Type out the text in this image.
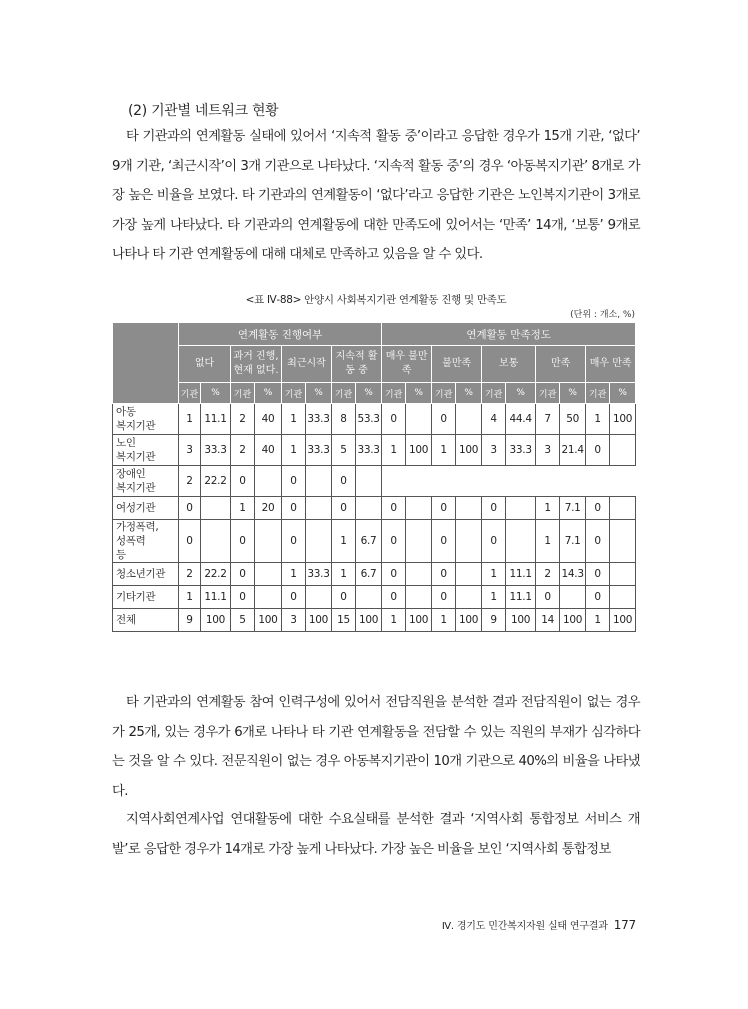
(2) 기관별 네트워크 현황

타 기관과의 연계활동 실태에 있어서 ‘지속적 활동 중’이라고 응답한 경우가 15개 기관, ‘없다’ 9개 기관, ‘최근시작’이 3개 기관으로 나타났다. ‘지속적 활동 중’의 경우 ‘아동복지기관’ 8개로 가장 높은 비율을 보였다. 타 기관과의 연계활동이 ‘없다’라고 응답한 기관은 노인복지기관이 3개로 가장 높게 나타났다. 타 기관과의 연계활동에 대한 만족도에 있어서는 ‘만족’ 14개, ‘보통’ 9개로 나타나 타 기관 연계활동에 대해 대체로 만족하고 있음을 알 수 있다.

<표 Ⅳ-88> 안양시 사회복지기관 연계활동 진행 및 만족도
(단위 : 개소, %)
	연계활동 진행여부								연계활동 만족정도									
	없다		과거 진행, 현재 없다.		최근시작		지속적 활동 중		매우 불만족		불만족		보통		만족		매우 만족	
	기관	%	기관	%	기관	%	기관	%	기관	%	기관	%	기관	%	기관	%	기관	%
아동
복지기관	1	11.1	2	40	1	33.3	8	53.3	0		0		4	44.4	7	50	1	100
노인
복지기관	3	33.3	2	40	1	33.3	5	33.3	1	100	1	100	3	33.3	3	21.4	0	
장애인
복지기관	2	22.2	0		0		0											
여성기관	0		1	20	0		0		0		0		0		1	7.1	0	
가정폭력,
성폭력
등	0		0		0		1	6.7	0		0		0		1	7.1	0	
청소년기관	2	22.2	0		1	33.3	1	6.7	0		0		1	11.1	2	14.3	0	
기타기관	1	11.1	0		0		0		0		0		1	11.1	0		0	
전체	9	100	5	100	3	100	15	100	1	100	1	100	9	100	14	100	1	100

타 기관과의 연계활동 참여 인력구성에 있어서 전담직원을 분석한 결과 전담직원이 없는 경우가 25개, 있는 경우가 6개로 나타나 타 기관 연계활동을 전담할 수 있는 직원의 부재가 심각하다는 것을 알 수 있다. 전문직원이 없는 경우 아동복지기관이 10개 기관으로 40%의 비율을 나타냈다.

지역사회연계사업 연대활동에 대한 수요실태를 분석한 결과 ‘지역사회 통합정보 서비스 개발’로 응답한 경우가 14개로 가장 높게 나타났다. 가장 높은 비율을 보인 ‘지역사회 통합정보

Ⅳ. 경기도 민간복지자원 실태 연구결과 177
